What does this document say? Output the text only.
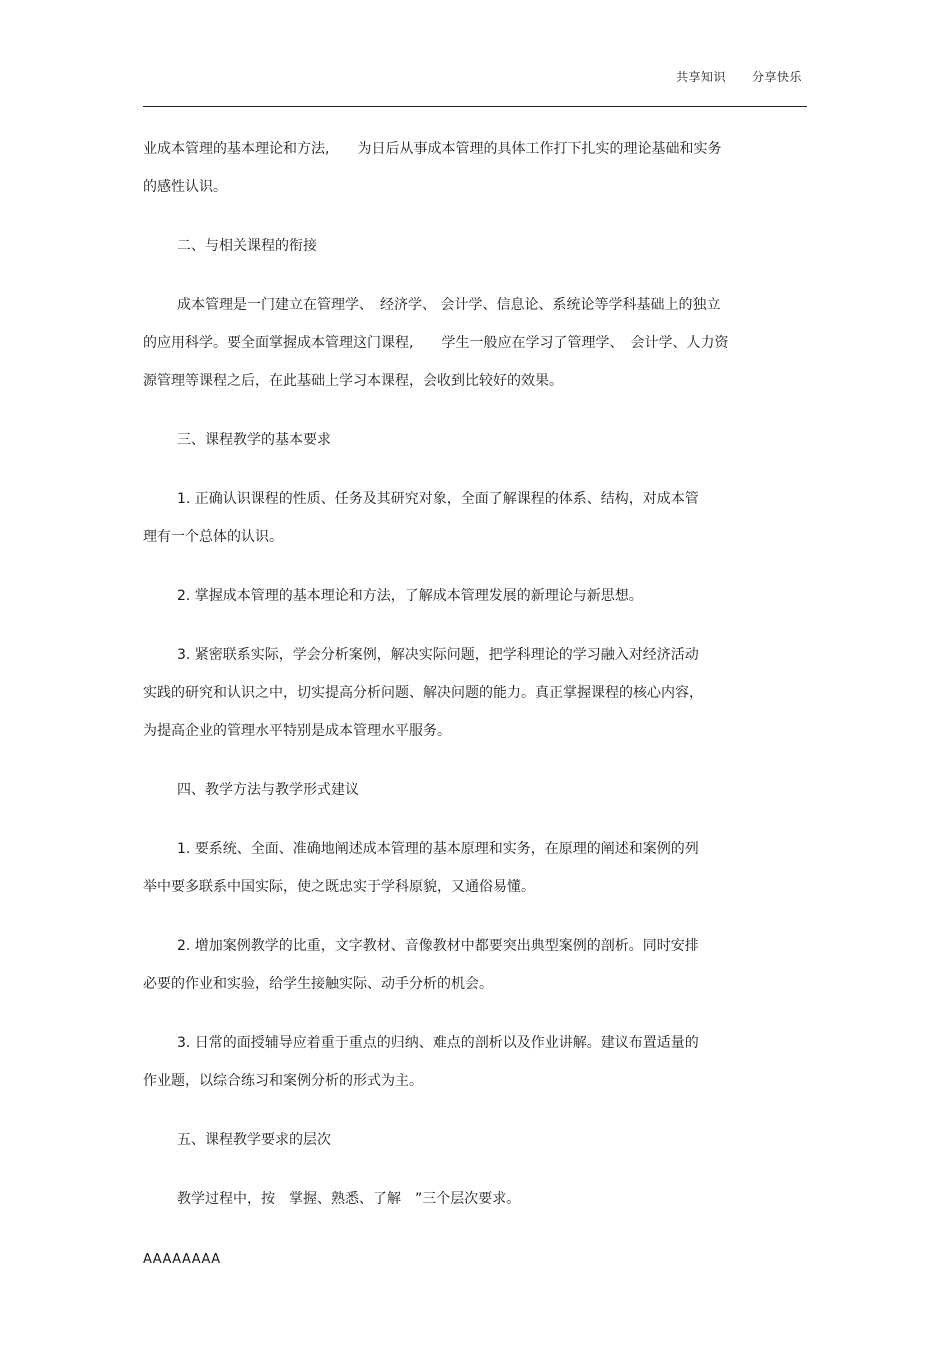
共享知识 分享快乐
业成本管理的基本理论和方法,　　为日后从事成本管理的具体工作打下扎实的理论基础和实务
的感性认识。
二、与相关课程的衔接
成本管理是一门建立在管理学、　经济学、 会计学、信息论、系统论等学科基础上的独立
的应用科学。要全面掌握成本管理这门课程,　　学生一般应在学习了管理学、　会计学、人力资
源管理等课程之后，在此基础上学习本课程，会收到比较好的效果。
三、课程教学的基本要求
1. 正确认识课程的性质、任务及其研究对象，全面了解课程的体系、结构，对成本管
理有一个总体的认识。
2. 掌握成本管理的基本理论和方法，了解成本管理发展的新理论与新思想。
3. 紧密联系实际，学会分析案例，解决实际问题，把学科理论的学习融入对经济活动
实践的研究和认识之中，切实提高分析问题、解决问题的能力。真正掌握课程的核心内容，
为提高企业的管理水平特别是成本管理水平服务。
四、教学方法与教学形式建议
1. 要系统、全面、准确地阐述成本管理的基本原理和实务，在原理的阐述和案例的列
举中要多联系中国实际，使之既忠实于学科原貌，又通俗易懂。
2. 增加案例教学的比重，文字教材、音像教材中都要突出典型案例的剖析。同时安排
必要的作业和实验，给学生接触实际、动手分析的机会。
3. 日常的面授辅导应着重于重点的归纳、难点的剖析以及作业讲解。建议布置适量的
作业题，以综合练习和案例分析的形式为主。
五、课程教学要求的层次
教学过程中，按　掌握、熟悉、了解　”三个层次要求。
AAAAAAAA
